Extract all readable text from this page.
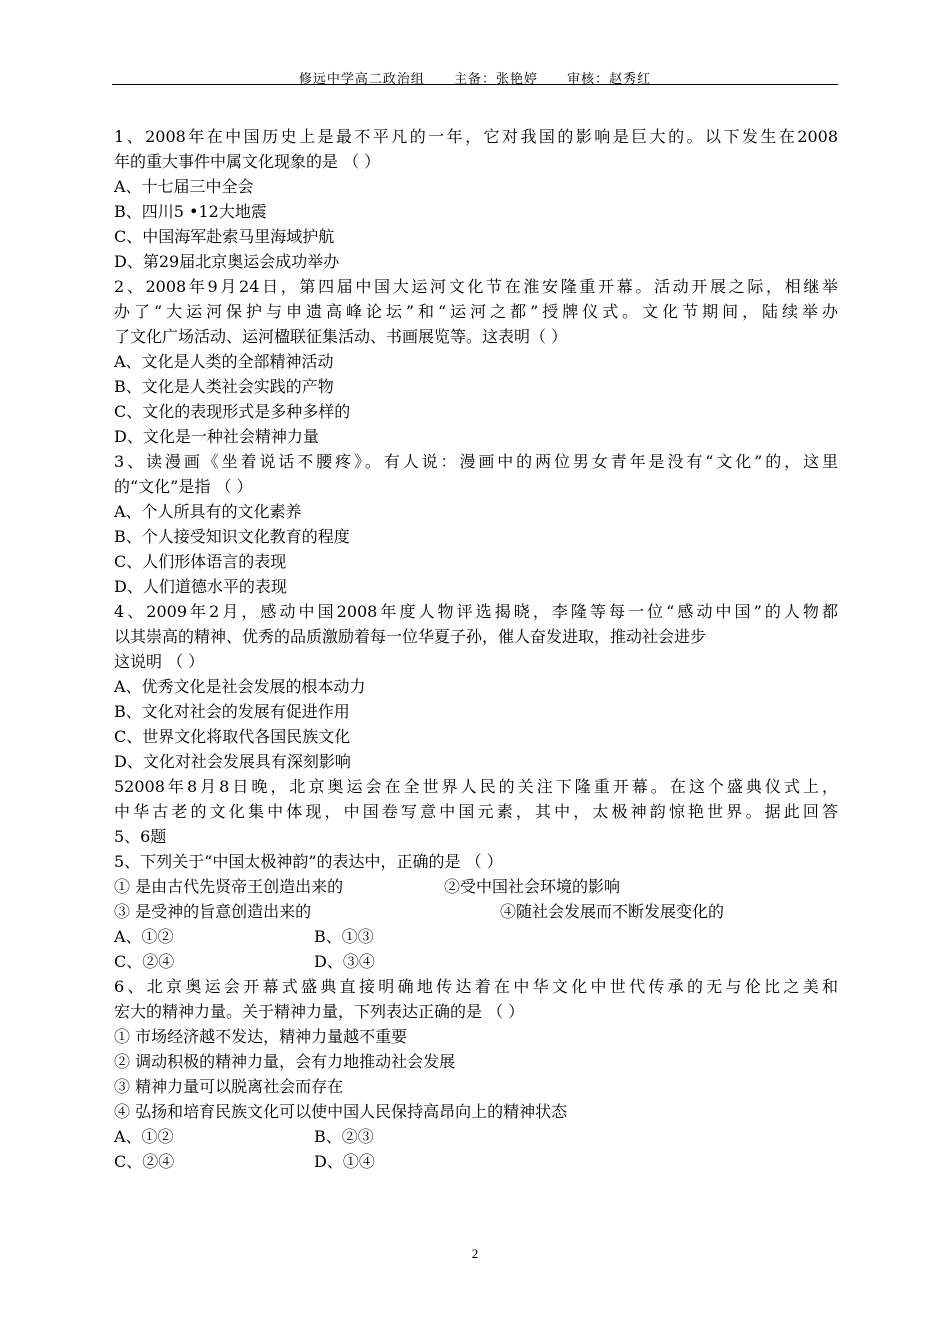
修远中学高二政治组 主备：张艳婷 审核：赵秀红
1、2008年在中国历史上是最不平凡的一年，它对我国的影响是巨大的。以下发生在2008
年的重大事件中属文化现象的是 （ ）
A、十七届三中全会
B、四川5 •12大地震
C、中国海军赴索马里海域护航
D、第29届北京奥运会成功举办
2、2008年9月24日，第四届中国大运河文化节在淮安隆重开幕。活动开展之际，相继举
办了“大运河保护与申遗高峰论坛”和“运河之都”授牌仪式。文化节期间，陆续举办
了文化广场活动、运河楹联征集活动、书画展览等。这表明（ ）
A、文化是人类的全部精神活动
B、文化是人类社会实践的产物
C、文化的表现形式是多种多样的
D、文化是一种社会精神力量
3、读漫画《坐着说话不腰疼》。有人说：漫画中的两位男女青年是没有“文化”的，这里
的“文化”是指 （ ）
A、个人所具有的文化素养
B、个人接受知识文化教育的程度
C、人们形体语言的表现
D、人们道德水平的表现
4、2009年2月，感动中国2008年度人物评选揭晓，李隆等每一位“感动中国”的人物都
以其崇高的精神、优秀的品质激励着每一位华夏子孙，催人奋发进取，推动社会进步
这说明 （ ）
A、优秀文化是社会发展的根本动力
B、文化对社会的发展有促进作用
C、世界文化将取代各国民族文化
D、文化对社会发展具有深刻影响
52008年8月8日晚，北京奥运会在全世界人民的关注下隆重开幕。在这个盛典仪式上，
中华古老的文化集中体现，中国卷写意中国元素，其中，太极神韵惊艳世界。据此回答
5、6题
5、下列关于“中国太极神韵”的表达中，正确的是 （ ）
① 是由古代先贤帝王创造出来的	②受中国社会环境的影响
③ 是受神的旨意创造出来的	④随社会发展而不断发展变化的
A、①②	B、①③
C、②④	D、③④
6、北京奥运会开幕式盛典直接明确地传达着在中华文化中世代传承的无与伦比之美和
宏大的精神力量。关于精神力量，下列表达正确的是 （ ）
① 市场经济越不发达，精神力量越不重要
② 调动积极的精神力量，会有力地推动社会发展
③ 精神力量可以脱离社会而存在
④ 弘扬和培育民族文化可以使中国人民保持高昂向上的精神状态
A、①②	B、②③
C、②④	D、①④
2
